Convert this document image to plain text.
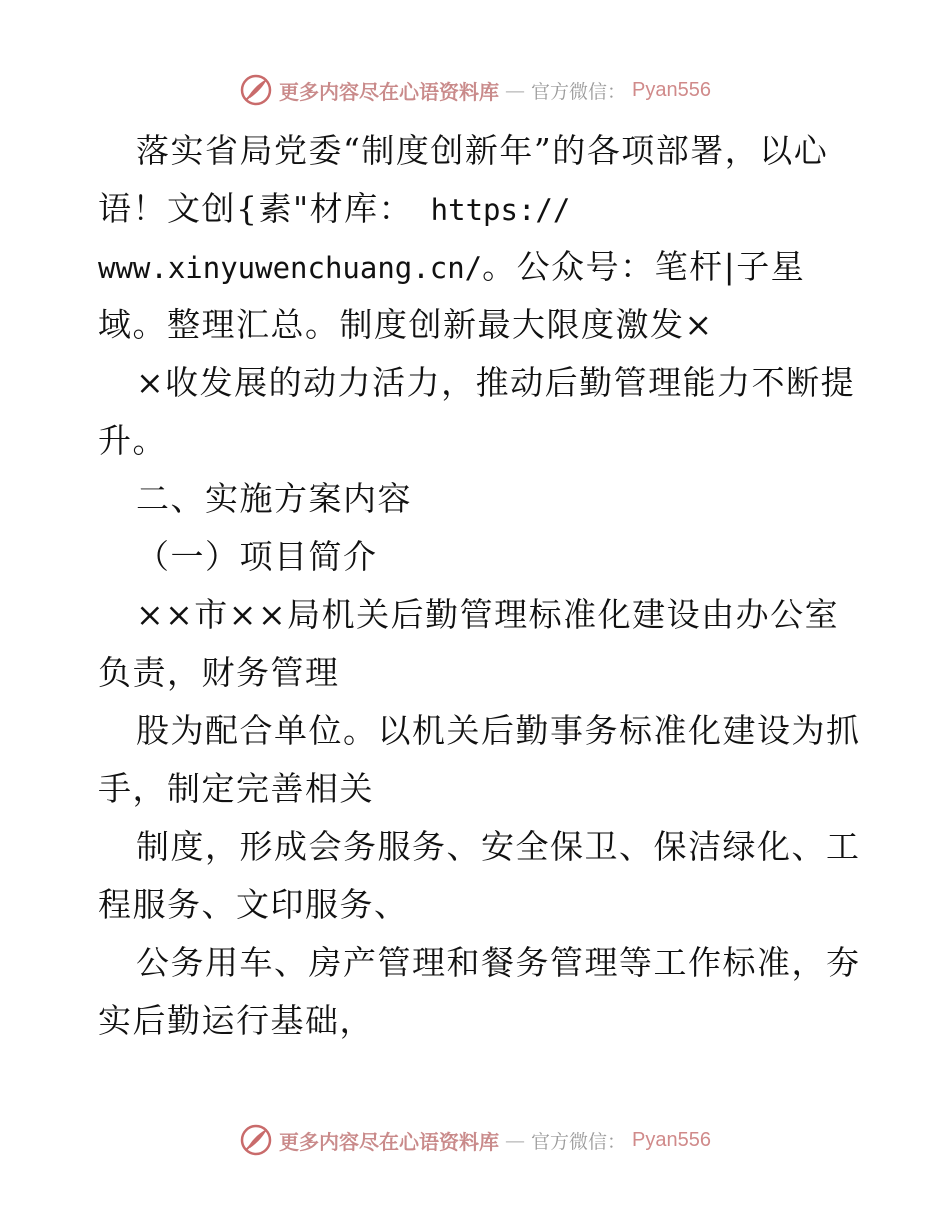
更多内容尽在心语资料库 — 官方微信： Pyan556
落实省局党委“制度创新年”的各项部署，以心
语！文创{素"材库： https://
www.xinyuwenchuang.cn/。公众号：笔杆|子星
域。整理汇总。制度创新最大限度激发×
×收发展的动力活力，推动后勤管理能力不断提
升。
二、实施方案内容
（一）项目简介
××市××局机关后勤管理标准化建设由办公室
负责，财务管理
股为配合单位。以机关后勤事务标准化建设为抓
手，制定完善相关
制度，形成会务服务、安全保卫、保洁绿化、工
程服务、文印服务、
公务用车、房产管理和餐务管理等工作标准，夯
实后勤运行基础，
更多内容尽在心语资料库 — 官方微信： Pyan556
